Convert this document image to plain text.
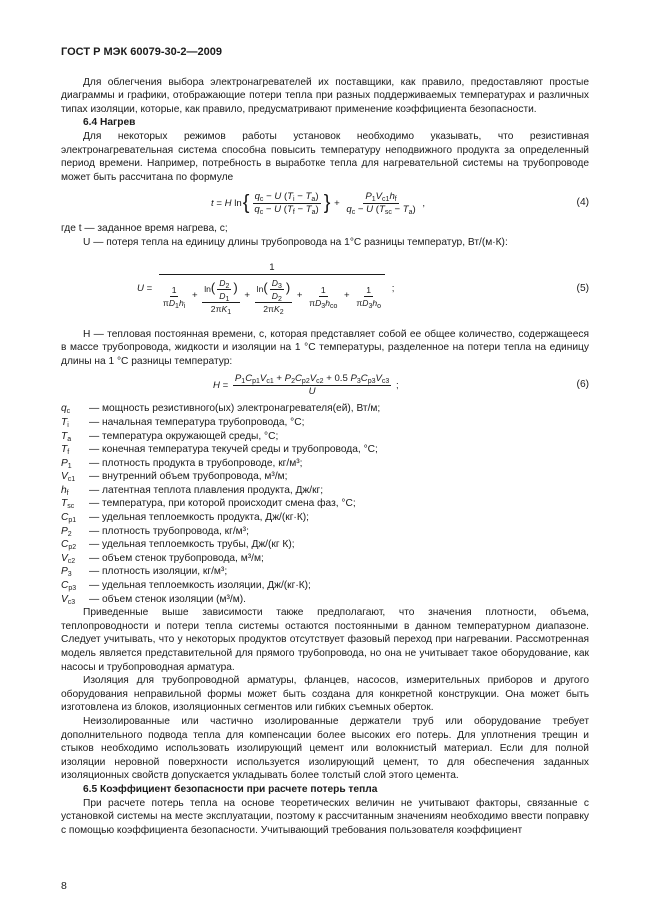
ГОСТ Р МЭК 60079-30-2—2009

Для облегчения выбора электронагревателей их поставщики, как правило, предоставляют простые диаграммы и графики, отображающие потери тепла при разных поддерживаемых температурах и различных типах изоляции, которые, как правило, предусматривают применение коэффициента безопасности.

6.4 Нагрев

Для некоторых режимов работы установок необходимо указывать, что резистивная электронагревательная система способна повысить температуру неподвижного продукта за определенный период времени. Например, потребность в выработке тепла для нагревательной системы на трубопроводе может быть рассчитана по формуле

t = H ln { $\frac{q_c - U (T_i - T_a)}{q_c - U (T_f - T_a)}$ } + $\frac{P_1V_{c1}h_f}{q_c - U (T_{sc} - T_a)}$ ,	(4)

где t — заданное время нагрева, с;

U — потеря тепла на единицу длины трубопровода на 1°С разницы температур, Вт/(м·К):

U =
1
$\frac{1}{\pi D_1h_i} + \frac{\ln( \frac{D_2}{D_1} )}{2\pi K_1} + \frac{\ln( \frac{D_3}{D_2} )}{2\pi K_2} + \frac{1}{\pi D_3h_{co}} + \frac{1}{\pi D_3h_o}$ ;	(5)

H — тепловая постоянная времени, с, которая представляет собой ее общее количество, содержащееся в массе трубопровода, жидкости и изоляции на 1 °С температуры, разделенное на потери тепла на единицу длины на 1 °С разницы температур:

$H = \frac{P_1C_{p1}V_{c1} + P_2C_{p2}V_{c2} + 0.5 P_3C_{p3}V_{c3}}{U}$ ;	(6)
$q_c$	— мощность резистивного(ых) электронагревателя(ей), Вт/м;
$T_i$	— начальная температура трубопровода, °С;
$T_a$	— температура окружающей среды, °С;
$T_f$	— конечная температура текучей среды и трубопровода, °С;
$P_1$	— плотность продукта в трубопроводе, кг/м³;
$V_{c1}$	— внутренний объем трубопровода, м³/м;
$h_f$	— латентная теплота плавления продукта, Дж/кг;
$T_{sc}$	— температура, при которой происходит смена фаз, °С;
$C_{p1}$	— удельная теплоемкость продукта, Дж/(кг·К);
$P_2$	— плотность трубопровода, кг/м³;
$C_{p2}$	— удельная теплоемкость трубы, Дж/(кг К);
$V_{c2}$	— объем стенок трубопровода, м³/м;
$P_3$	— плотность изоляции, кг/м³;
$C_{p3}$	— удельная теплоемкость изоляции, Дж/(кг·К);
$V_{c3}$	— объем стенок изоляции (м³/м).

Приведенные выше зависимости также предполагают, что значения плотности, объема, теплопроводности и потери тепла системы остаются постоянными в данном температурном диапазоне. Следует учитывать, что у некоторых продуктов отсутствует фазовый переход при нагревании. Рассмотренная модель является представительной для прямого трубопровода, но она не учитывает такое оборудование, как насосы и трубопроводная арматура.

Изоляция для трубопроводной арматуры, фланцев, насосов, измерительных приборов и другого оборудования неправильной формы может быть создана для конкретной конструкции. Она может быть изготовлена из блоков, изоляционных сегментов или гибких съемных оберток.

Неизолированные или частично изолированные держатели труб или оборудование требует дополнительного подвода тепла для компенсации более высоких его потерь. Для уплотнения трещин и стыков необходимо использовать изолирующий цемент или волокнистый материал. Если для полной изоляции неровной поверхности используется изолирующий цемент, то для обеспечения заданных изоляционных свойств допускается укладывать более толстый слой этого цемента.

6.5 Коэффициент безопасности при расчете потерь тепла

При расчете потерь тепла на основе теоретических величин не учитывают факторы, связанные с установкой системы на месте эксплуатации, поэтому к рассчитанным значениям необходимо ввести поправку с помощью коэффициента безопасности. Учитывающий требования пользователя коэффициент

8
